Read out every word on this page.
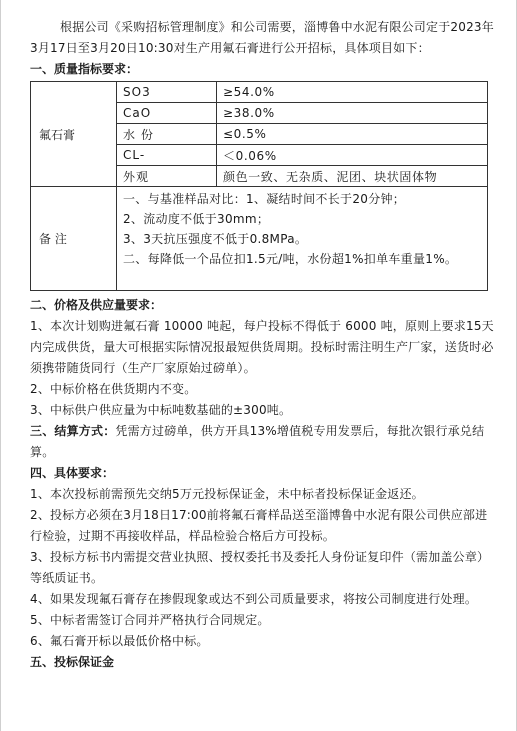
根据公司《采购招标管理制度》和公司需要，淄博鲁中水泥有限公司定于2023年3月17日至3月20日10:30对生产用氟石膏进行公开招标，具体项目如下：

一、质量指标要求：
氟石膏	SO3	≥54.0%
	CaO	≥38.0%
	水 份	≤0.5%
	CL-	＜0.06%
	外观	颜色一致、无杂质、泥团、块状固体物
备 注	一、与基准样品对比：1、凝结时间不长于20分钟；
2、流动度不低于30mm；
3、3天抗压强度不低于0.8MPa。
二、每降低一个品位扣1.5元/吨，水份超1%扣单车重量1%。	
二、价格及供应量要求：

1、本次计划购进氟石膏 10000 吨起，每户投标不得低于 6000 吨，原则上要求15天内完成供货，量大可根据实际情况报最短供货周期。投标时需注明生产厂家，送货时必须携带随货同行（生产厂家原始过磅单）。

2、中标价格在供货期内不变。

3、中标供户供应量为中标吨数基础的±300吨。

三、结算方式：凭需方过磅单，供方开具13%增值税专用发票后，每批次银行承兑结算。

四、具体要求：

1、本次投标前需预先交纳5万元投标保证金，未中标者投标保证金返还。

2、投标方必须在3月18日17:00前将氟石膏样品送至淄博鲁中水泥有限公司供应部进行检验，过期不再接收样品，样品检验合格后方可投标。

3、投标方标书内需提交营业执照、授权委托书及委托人身份证复印件（需加盖公章）等纸质证书。

4、如果发现氟石膏存在掺假现象或达不到公司质量要求，将按公司制度进行处理。

5、中标者需签订合同并严格执行合同规定。

6、氟石膏开标以最低价格中标。

五、投标保证金
